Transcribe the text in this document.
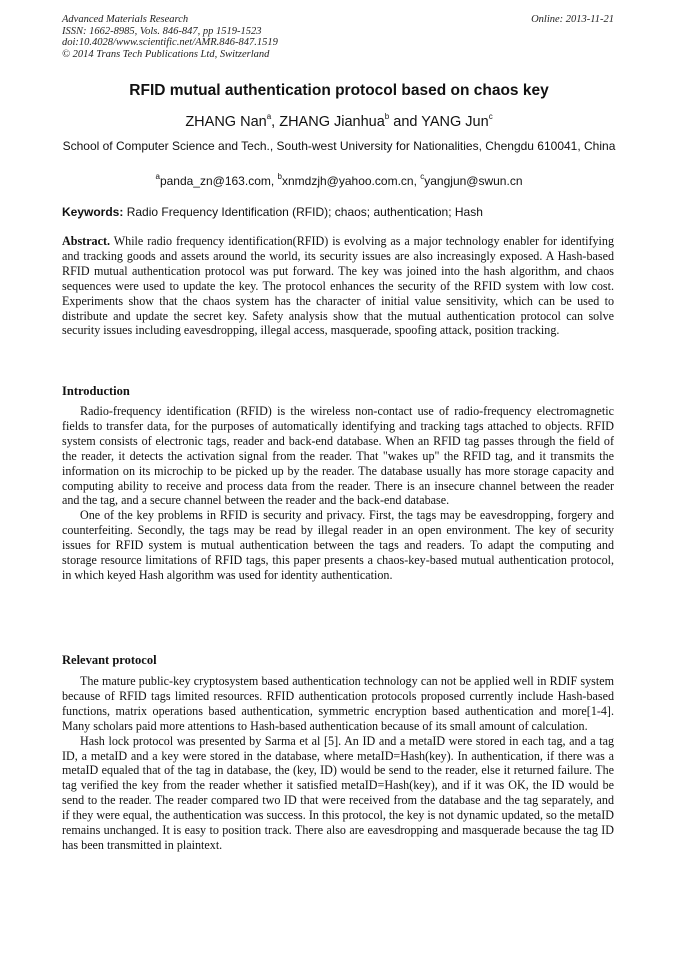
Advanced Materials Research
ISSN: 1662-8985, Vols. 846-847, pp 1519-1523
doi:10.4028/www.scientific.net/AMR.846-847.1519
© 2014 Trans Tech Publications Ltd, Switzerland
Online: 2013-11-21
RFID mutual authentication protocol based on chaos key
ZHANG Nan$^a$, ZHANG Jianhua$^b$ and YANG Jun$^c$
School of Computer Science and Tech., South-west University for Nationalities, Chengdu 610041, China
$^a$panda_zn@163.com, $^b$xnmdzjh@yahoo.com.cn, $^c$yangjun@swun.cn
Keywords: Radio Frequency Identification (RFID); chaos; authentication; Hash

Abstract. While radio frequency identification(RFID) is evolving as a major technology enabler for identifying and tracking goods and assets around the world, its security issues are also increasingly exposed. A Hash-based RFID mutual authentication protocol was put forward. The key was joined into the hash algorithm, and chaos sequences were used to update the key. The protocol enhances the security of the RFID system with low cost. Experiments show that the chaos system has the character of initial value sensitivity, which can be used to distribute and update the secret key. Safety analysis show that the mutual authentication protocol can solve security issues including eavesdropping, illegal access, masquerade, spoofing attack, position tracking.

Introduction

Radio-frequency identification (RFID) is the wireless non-contact use of radio-frequency electromagnetic fields to transfer data, for the purposes of automatically identifying and tracking tags attached to objects. RFID system consists of electronic tags, reader and back-end database. When an RFID tag passes through the field of the reader, it detects the activation signal from the reader. That "wakes up" the RFID tag, and it transmits the information on its microchip to be picked up by the reader. The database usually has more storage capacity and computing ability to receive and process data from the reader. There is an insecure channel between the reader and the tag, and a secure channel between the reader and the back-end database.

One of the key problems in RFID is security and privacy. First, the tags may be eavesdropping, forgery and counterfeiting. Secondly, the tags may be read by illegal reader in an open environment. The key of security issues for RFID system is mutual authentication between the tags and readers. To adapt the computing and storage resource limitations of RFID tags, this paper presents a chaos-key-based mutual authentication protocol, in which keyed Hash algorithm was used for identity authentication.

Relevant protocol

The mature public-key cryptosystem based authentication technology can not be applied well in RDIF system because of RFID tags limited resources. RFID authentication protocols proposed currently include Hash-based functions, matrix operations based authentication, symmetric encryption based authentication and more[1-4]. Many scholars paid more attentions to Hash-based authentication because of its small amount of calculation.

Hash lock protocol was presented by Sarma et al [5]. An ID and a metaID were stored in each tag, and a tag ID, a metaID and a key were stored in the database, where metaID=Hash(key). In authentication, if there was a metaID equaled that of the tag in database, the (key, ID) would be send to the reader, else it returned failure. The tag verified the key from the reader whether it satisfied metaID=Hash(key), and if it was OK, the ID would be send to the reader. The reader compared two ID that were received from the database and the tag separately, and if they were equal, the authentication was success. In this protocol, the key is not dynamic updated, so the metaID remains unchanged. It is easy to position track. There also are eavesdropping and masquerade because the tag ID has been transmitted in plaintext.
